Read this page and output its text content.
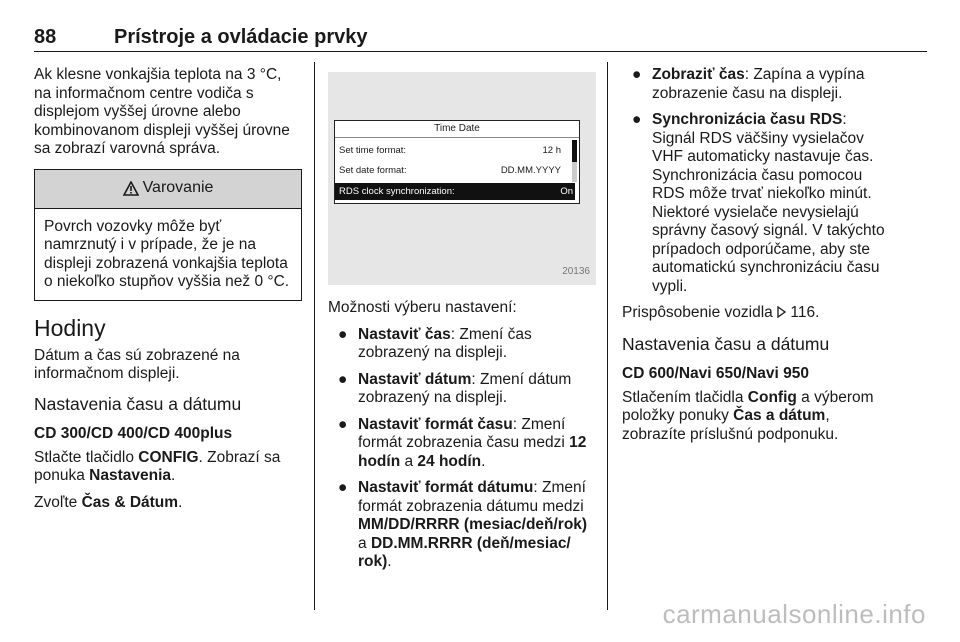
88	Prístroje a ovládacie prvky

Ak klesne vonkajšia teplota na 3 °C, na informačnom centre vodiča s displejom vyššej úrovne alebo kombinovanom displeji vyššej úrovne sa zobrazí varovná správa.

Varovanie
Povrch vozovky môže byť namrznutý i v prípade, že je na displeji zobrazená vonkajšia teplota o niekoľko stupňov vyššia než 0 °C.
Hodiny

Dátum a čas sú zobrazené na informačnom displeji.

Nastavenia času a dátumu
CD 300/CD 400/CD 400plus

Stlačte tlačidlo CONFIG. Zobrazí sa ponuka Nastavenia.

Zvoľte Čas & Dátum.

Time Date
Set time format:	12 h
Set date format:	DD.MM.YYYY
RDS clock synchronization:	On
20136

Možnosti výberu nastavení:

● Nastaviť čas: Zmení čas zobrazený na displeji.
● Nastaviť dátum: Zmení dátum zobrazený na displeji.
● Nastaviť formát času: Zmení formát zobrazenia času medzi 12 hodín a 24 hodín.
● Nastaviť formát dátumu: Zmení formát zobrazenia dátumu medzi MM/DD/RRRR (mesiac/deň/rok) a DD.MM.RRRR (deň/mesiac/ rok).
● Zobraziť čas: Zapína a vypína zobrazenie času na displeji.
● Synchronizácia času RDS: Signál RDS väčšiny vysielačov VHF automaticky nastavuje čas. Synchronizácia času pomocou RDS môže trvať niekoľko minút. Niektoré vysielače nevysielajú správny časový signál. V takýchto prípadoch odporúčame, aby ste automatickú synchronizáciu času vypli.

Prispôsobenie vozidla 116.

Nastavenia času a dátumu
CD 600/Navi 650/Navi 950

Stlačením tlačidla Config a výberom položky ponuky Čas a dátum, zobrazíte príslušnú podponuku.

carmanualsonline.info
